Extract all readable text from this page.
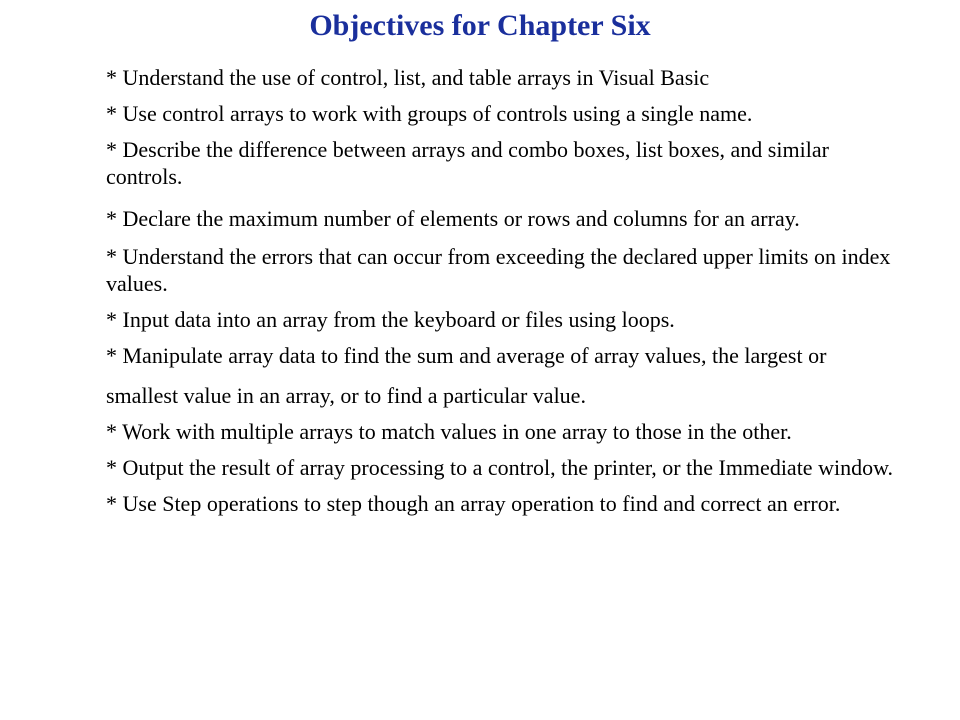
Objectives for Chapter Six
* Understand the use of control, list, and table arrays in Visual Basic
* Use control arrays to work with groups of controls using a single name.
* Describe the difference between arrays and combo boxes, list boxes, and similar controls.
* Declare the maximum number of elements or rows and columns for an array.
* Understand the errors that can occur from exceeding the declared upper limits on index values.
* Input data into an array from the keyboard or files using loops.
* Manipulate array data to find the sum and average of array values, the largest or smallest value in an array, or to find a particular value.
* Work with multiple arrays to match values in one array to those in the other.
* Output the result of array processing to a control, the printer, or the Immediate window.
* Use Step operations to step though an array operation to find and correct an error.
